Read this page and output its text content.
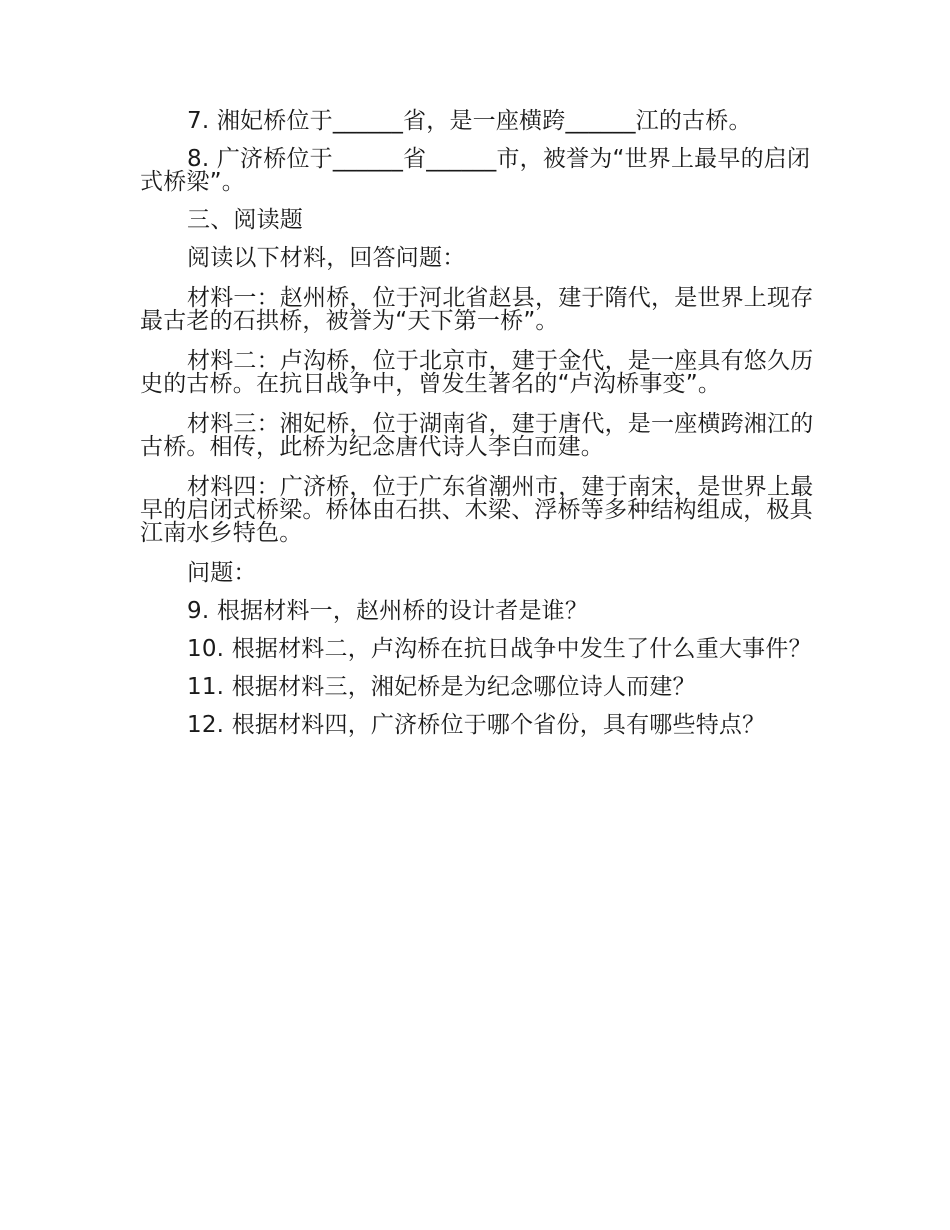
7. 湘妃桥位于______省，是一座横跨______江的古桥。

8. 广济桥位于______省______市，被誉为“世界上最早的启闭式桥梁”。

三、阅读题

阅读以下材料，回答问题：

材料一：赵州桥，位于河北省赵县，建于隋代，是世界上现存最古老的石拱桥，被誉为“天下第一桥”。

材料二：卢沟桥，位于北京市，建于金代，是一座具有悠久历史的古桥。在抗日战争中，曾发生著名的“卢沟桥事变”。

材料三：湘妃桥，位于湖南省，建于唐代，是一座横跨湘江的古桥。相传，此桥为纪念唐代诗人李白而建。

材料四：广济桥，位于广东省潮州市，建于南宋，是世界上最早的启闭式桥梁。桥体由石拱、木梁、浮桥等多种结构组成，极具江南水乡特色。

问题：

9. 根据材料一，赵州桥的设计者是谁？

10. 根据材料二，卢沟桥在抗日战争中发生了什么重大事件？

11. 根据材料三，湘妃桥是为纪念哪位诗人而建？

12. 根据材料四，广济桥位于哪个省份，具有哪些特点？
